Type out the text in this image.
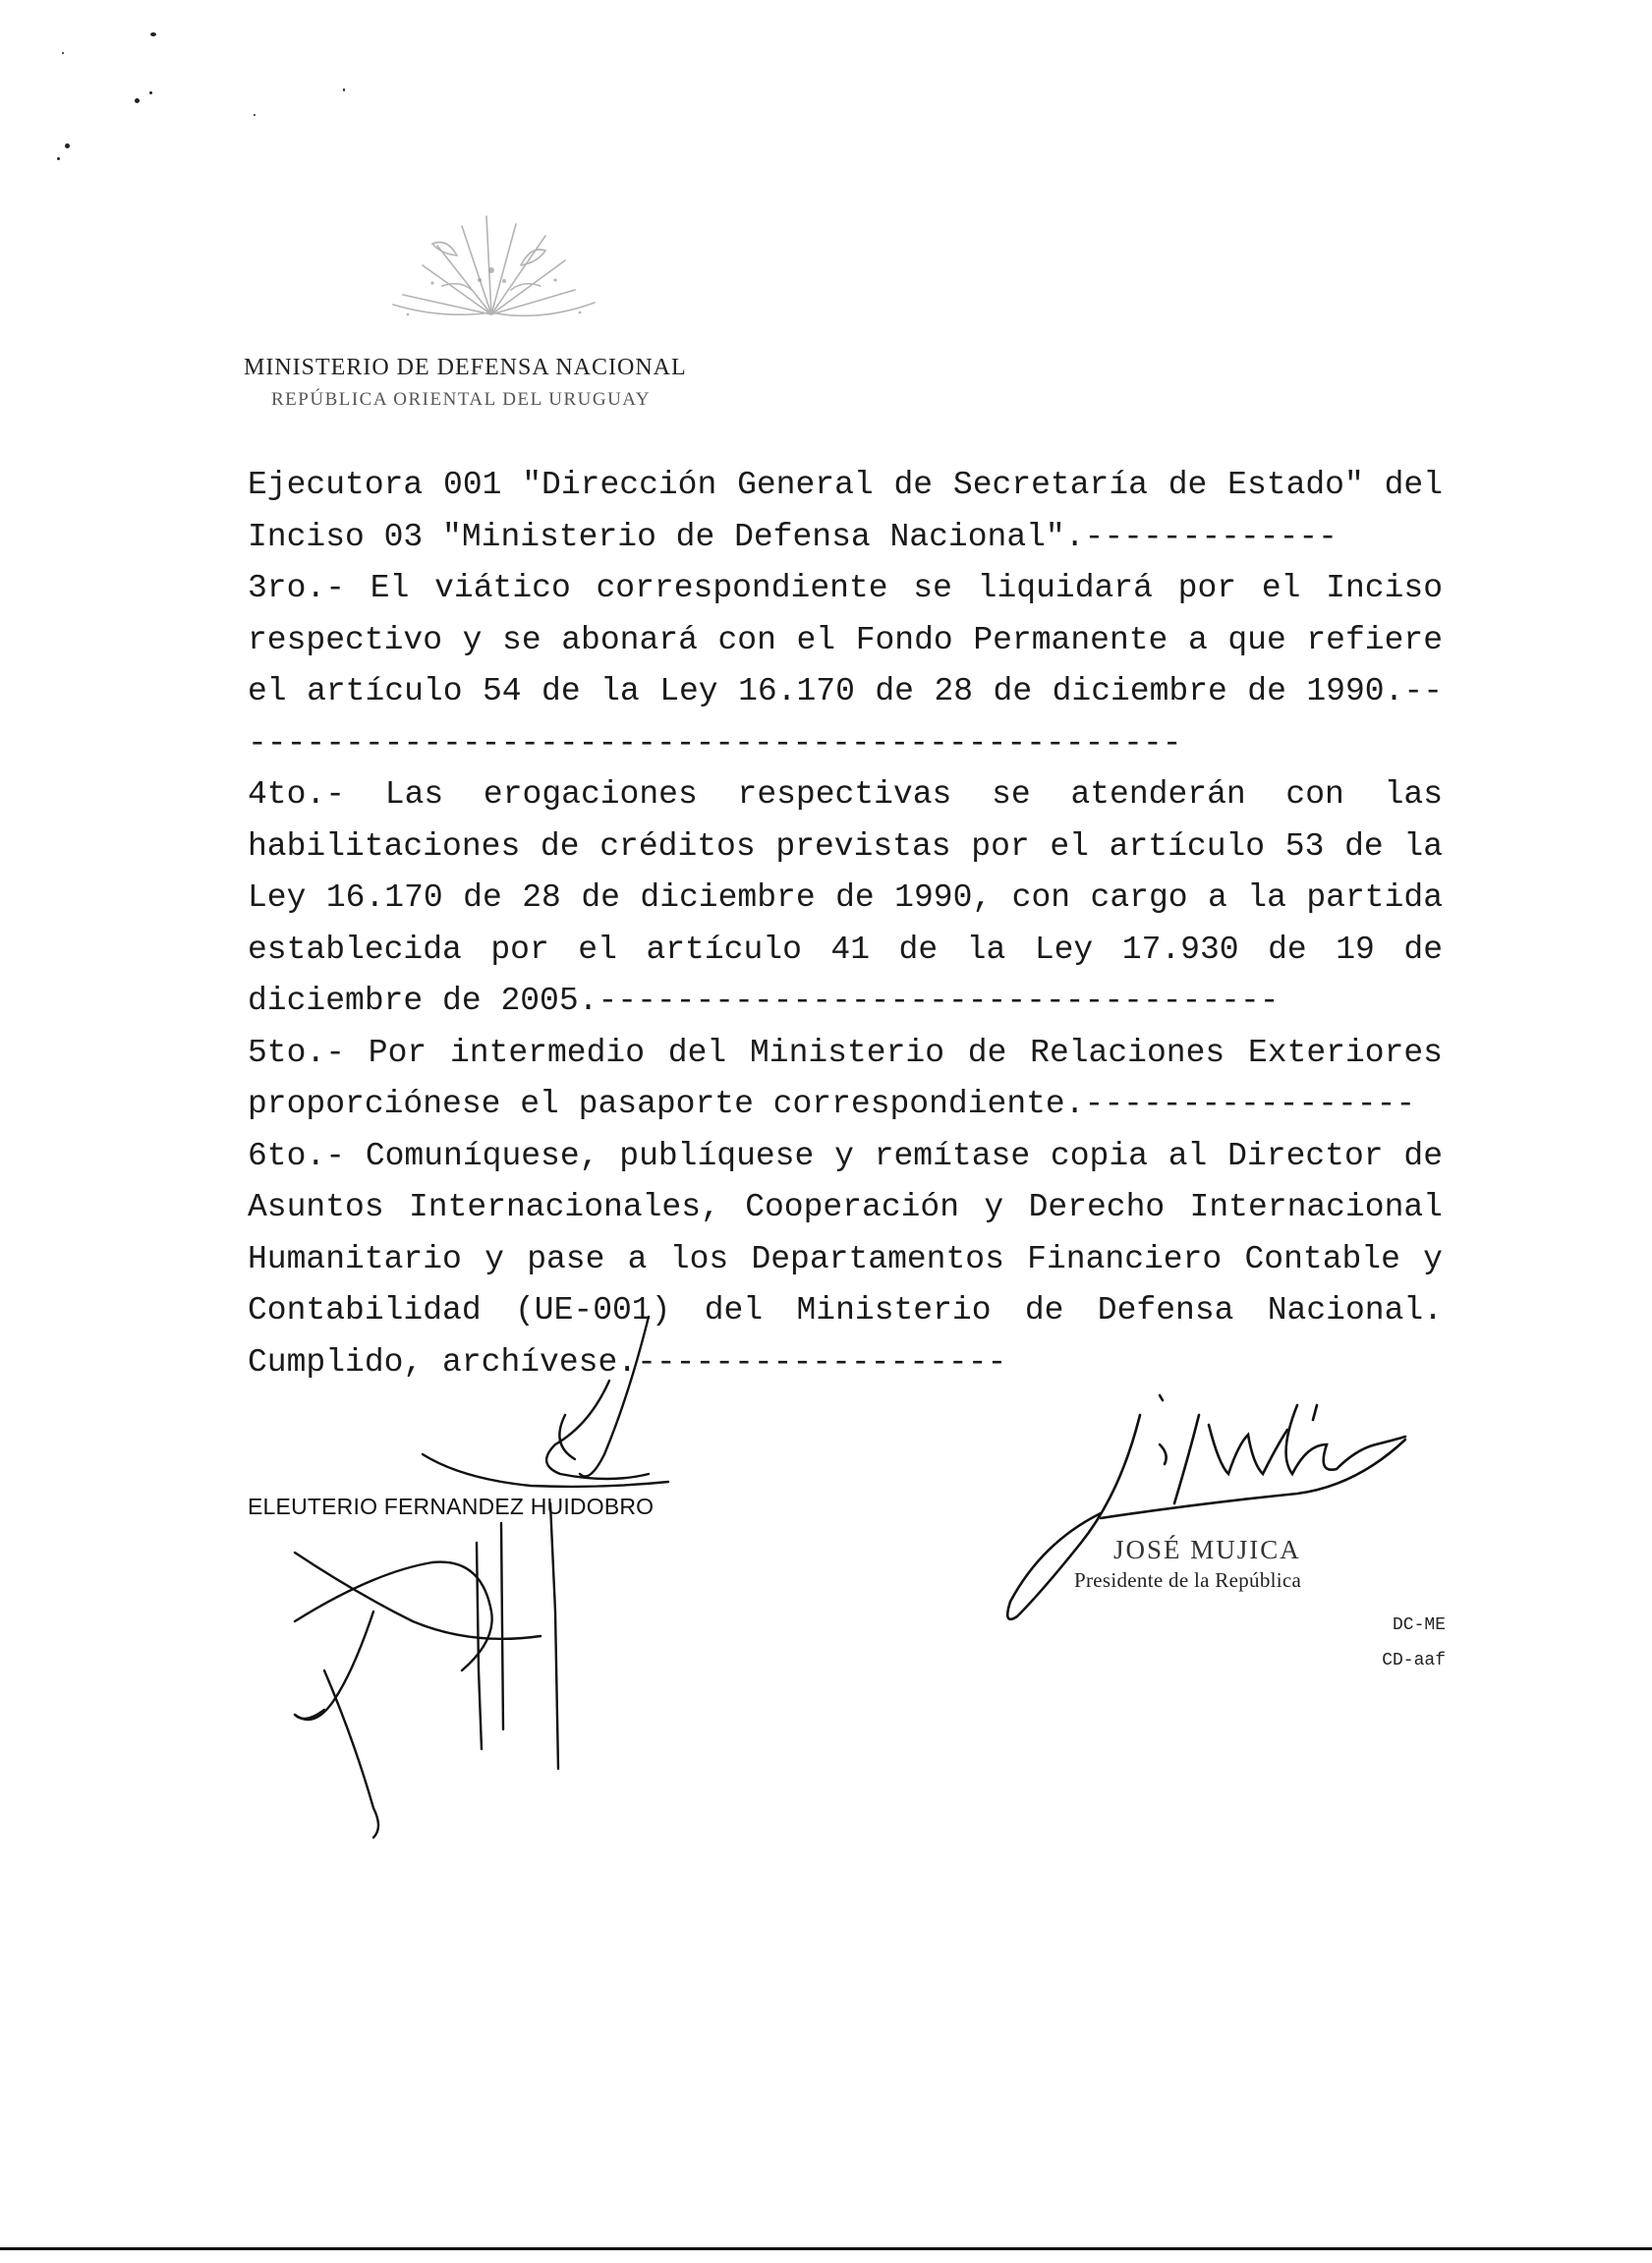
MINISTERIO DE DEFENSA NACIONAL
REPÚBLICA ORIENTAL DEL URUGUAY

Ejecutora 001 "Dirección General de Secretaría de Estado" del Inciso 03 "Ministerio de Defensa Nacional".-------------

3ro.- El viático correspondiente se liquidará por el Inciso respectivo y se abonará con el Fondo Permanente a que refiere el artículo 54 de la Ley 16.170 de 28 de diciembre de 1990.--------------------------------------------------

4to.- Las erogaciones respectivas se atenderán con las habilitaciones de créditos previstas por el artículo 53 de la Ley 16.170 de 28 de diciembre de 1990, con cargo a la partida establecida por el artículo 41 de la Ley 17.930 de 19 de diciembre de 2005.-----------------------------------

5to.- Por intermedio del Ministerio de Relaciones Exteriores proporciónese el pasaporte correspondiente.-----------------

6to.- Comuníquese, publíquese y remítase copia al Director de Asuntos Internacionales, Cooperación y Derecho Internacional Humanitario y pase a los Departamentos Financiero Contable y Contabilidad (UE-001) del Ministerio de Defensa Nacional. Cumplido, archívese.-------------------

ELEUTERIO FERNANDEZ HUIDOBRO
JOSÉ MUJICA
Presidente de la República
DC-ME
CD-aaf
